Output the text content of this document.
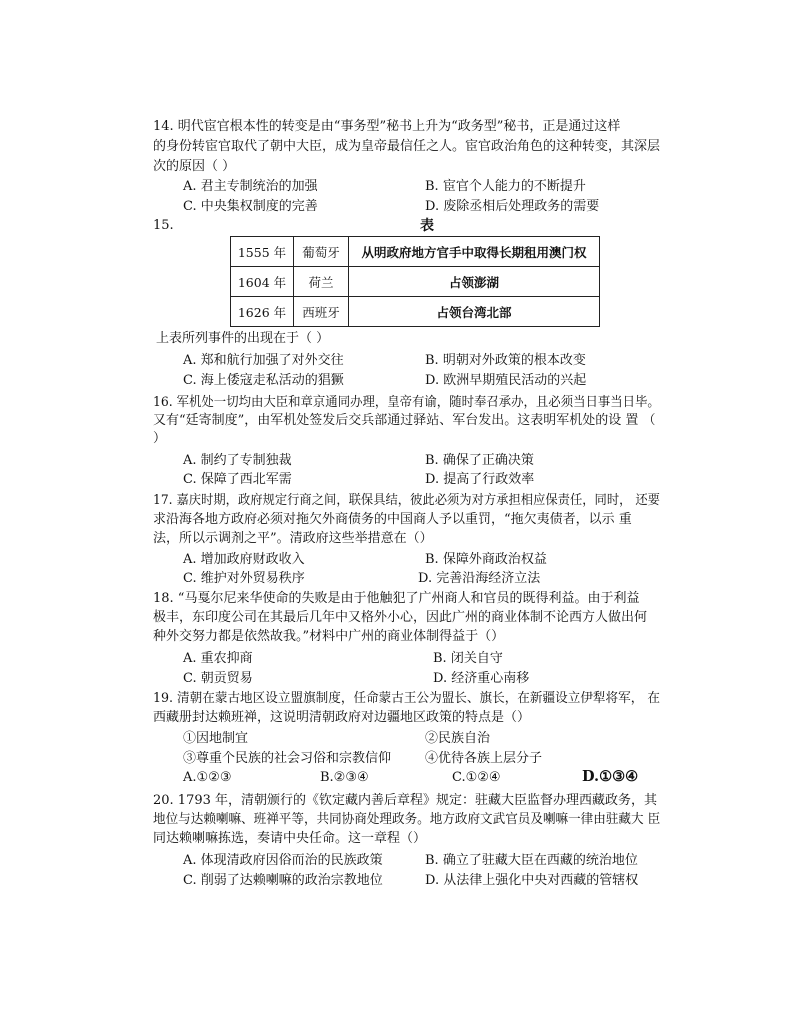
14. 明代宦官根本性的转变是由“事务型”秘书上升为“政务型”秘书，正是通过这样
的身份转宦官取代了朝中大臣，成为皇帝最信任之人。宦官政治角色的这种转变，其深层
次的原因（ ）
A. 君主专制统治的加强	B. 宦官个人能力的不断提升
C. 中央集权制度的完善	D. 废除丞相后处理政务的需要
15.	表
1555 年	葡萄牙	从明政府地方官手中取得长期租用澳门权
1604 年	荷兰	占领澎湖
1626 年	西班牙	占领台湾北部
上表所列事件的出现在于（ ）
A. 郑和航行加强了对外交往	B. 明朝对外政策的根本改变
C. 海上倭寇走私活动的猖獗	D. 欧洲早期殖民活动的兴起
16. 军机处一切均由大臣和章京通同办理，皇帝有谕，随时奉召承办，且必须当日事当日毕。
又有“廷寄制度”，由军机处签发后交兵部通过驿站、军台发出。这表明军机处的设 置 （
）
A. 制约了专制独裁	B. 确保了正确决策
C. 保障了西北军需	D. 提高了行政效率
17. 嘉庆时期，政府规定行商之间，联保具结，彼此必须为对方承担相应保责任，同时， 还要
求沿海各地方政府必须对拖欠外商债务的中国商人予以重罚，“拖欠夷债者，以示 重
法，所以示调剂之平”。清政府这些举措意在（）
A. 增加政府财政收入	B. 保障外商政治权益
C. 维护对外贸易秩序	D. 完善沿海经济立法
18. “马戛尔尼来华使命的失败是由于他触犯了广州商人和官员的既得利益。由于利益
极丰，东印度公司在其最后几年中又格外小心，因此广州的商业体制不论西方人做出何
种外交努力都是依然故我。”材料中广州的商业体制得益于（）
A. 重农抑商	B. 闭关自守
C. 朝贡贸易	D. 经济重心南移
19. 清朝在蒙古地区设立盟旗制度，任命蒙古王公为盟长、旗长，在新疆设立伊犁将军， 在
西藏册封达赖班禅，这说明清朝政府对边疆地区政策的特点是（）
①因地制宜	②民族自治
③尊重个民族的社会习俗和宗教信仰	④优待各族上层分子
A.①②③	B.②③④	C.①②④	D.①③④
20. 1793 年，清朝颁行的《钦定藏内善后章程》规定：驻藏大臣监督办理西藏政务，其
地位与达赖喇嘛、班禅平等，共同协商处理政务。地方政府文武官员及喇嘛一律由驻藏大 臣
同达赖喇嘛拣选，奏请中央任命。这一章程（）
A. 体现清政府因俗而治的民族政策	B. 确立了驻藏大臣在西藏的统治地位
C. 削弱了达赖喇嘛的政治宗教地位	D. 从法律上强化中央对西藏的管辖权
